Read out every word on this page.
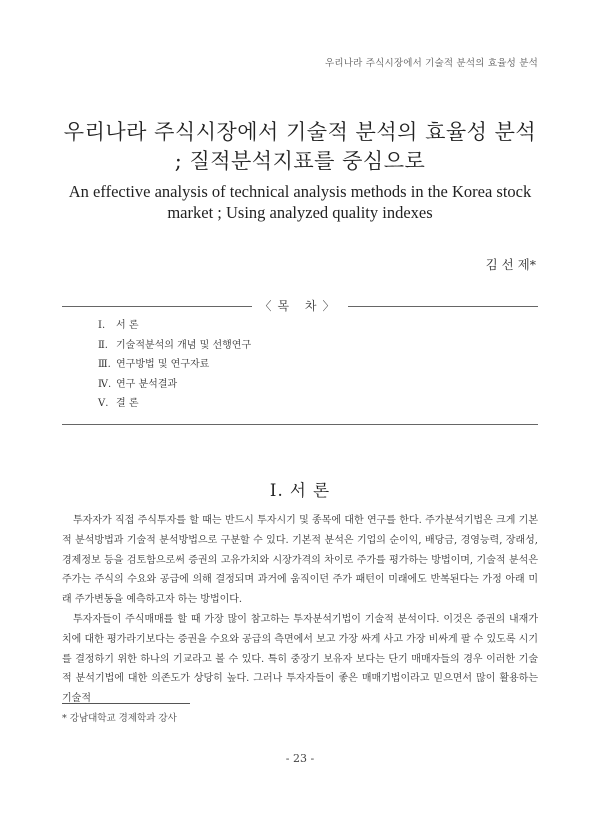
우리나라 주식시장에서 기술적 분석의 효율성 분석
우리나라 주식시장에서 기술적 분석의 효율성 분석
; 질적분석지표를 중심으로
An effective analysis of technical analysis methods in the Korea stock
market ; Using analyzed quality indexes
김 선 제*
〈목 차〉
Ⅰ. 서 론
Ⅱ. 기술적분석의 개념 및 선행연구
Ⅲ. 연구방법 및 연구자료
Ⅳ. 연구 분석결과
Ⅴ. 결 론
Ⅰ. 서 론

투자자가 직접 주식투자를 할 때는 반드시 투자시기 및 종목에 대한 연구를 한다. 주가분석기법은 크게 기본적 분석방법과 기술적 분석방법으로 구분할 수 있다. 기본적 분석은 기업의 순이익, 배당금, 경영능력, 장래성, 경제정보 등을 검토함으로써 증권의 고유가치와 시장가격의 차이로 주가를 평가하는 방법이며, 기술적 분석은 주가는 주식의 수요와 공급에 의해 결정되며 과거에 움직이던 주가 패턴이 미래에도 반복된다는 가정 아래 미래 주가변동을 예측하고자 하는 방법이다.

투자자들이 주식매매를 할 때 가장 많이 참고하는 투자분석기법이 기술적 분석이다. 이것은 증권의 내재가치에 대한 평가라기보다는 증권을 수요와 공급의 측면에서 보고 가장 싸게 사고 가장 비싸게 팔 수 있도록 시기를 결정하기 위한 하나의 기교라고 볼 수 있다. 특히 중장기 보유자 보다는 단기 매매자들의 경우 이러한 기술적 분석기법에 대한 의존도가 상당히 높다. 그러나 투자자들이 좋은 매매기법이라고 믿으면서 많이 활용하는 기술적

* 강남대학교 경제학과 강사
- 23 -
